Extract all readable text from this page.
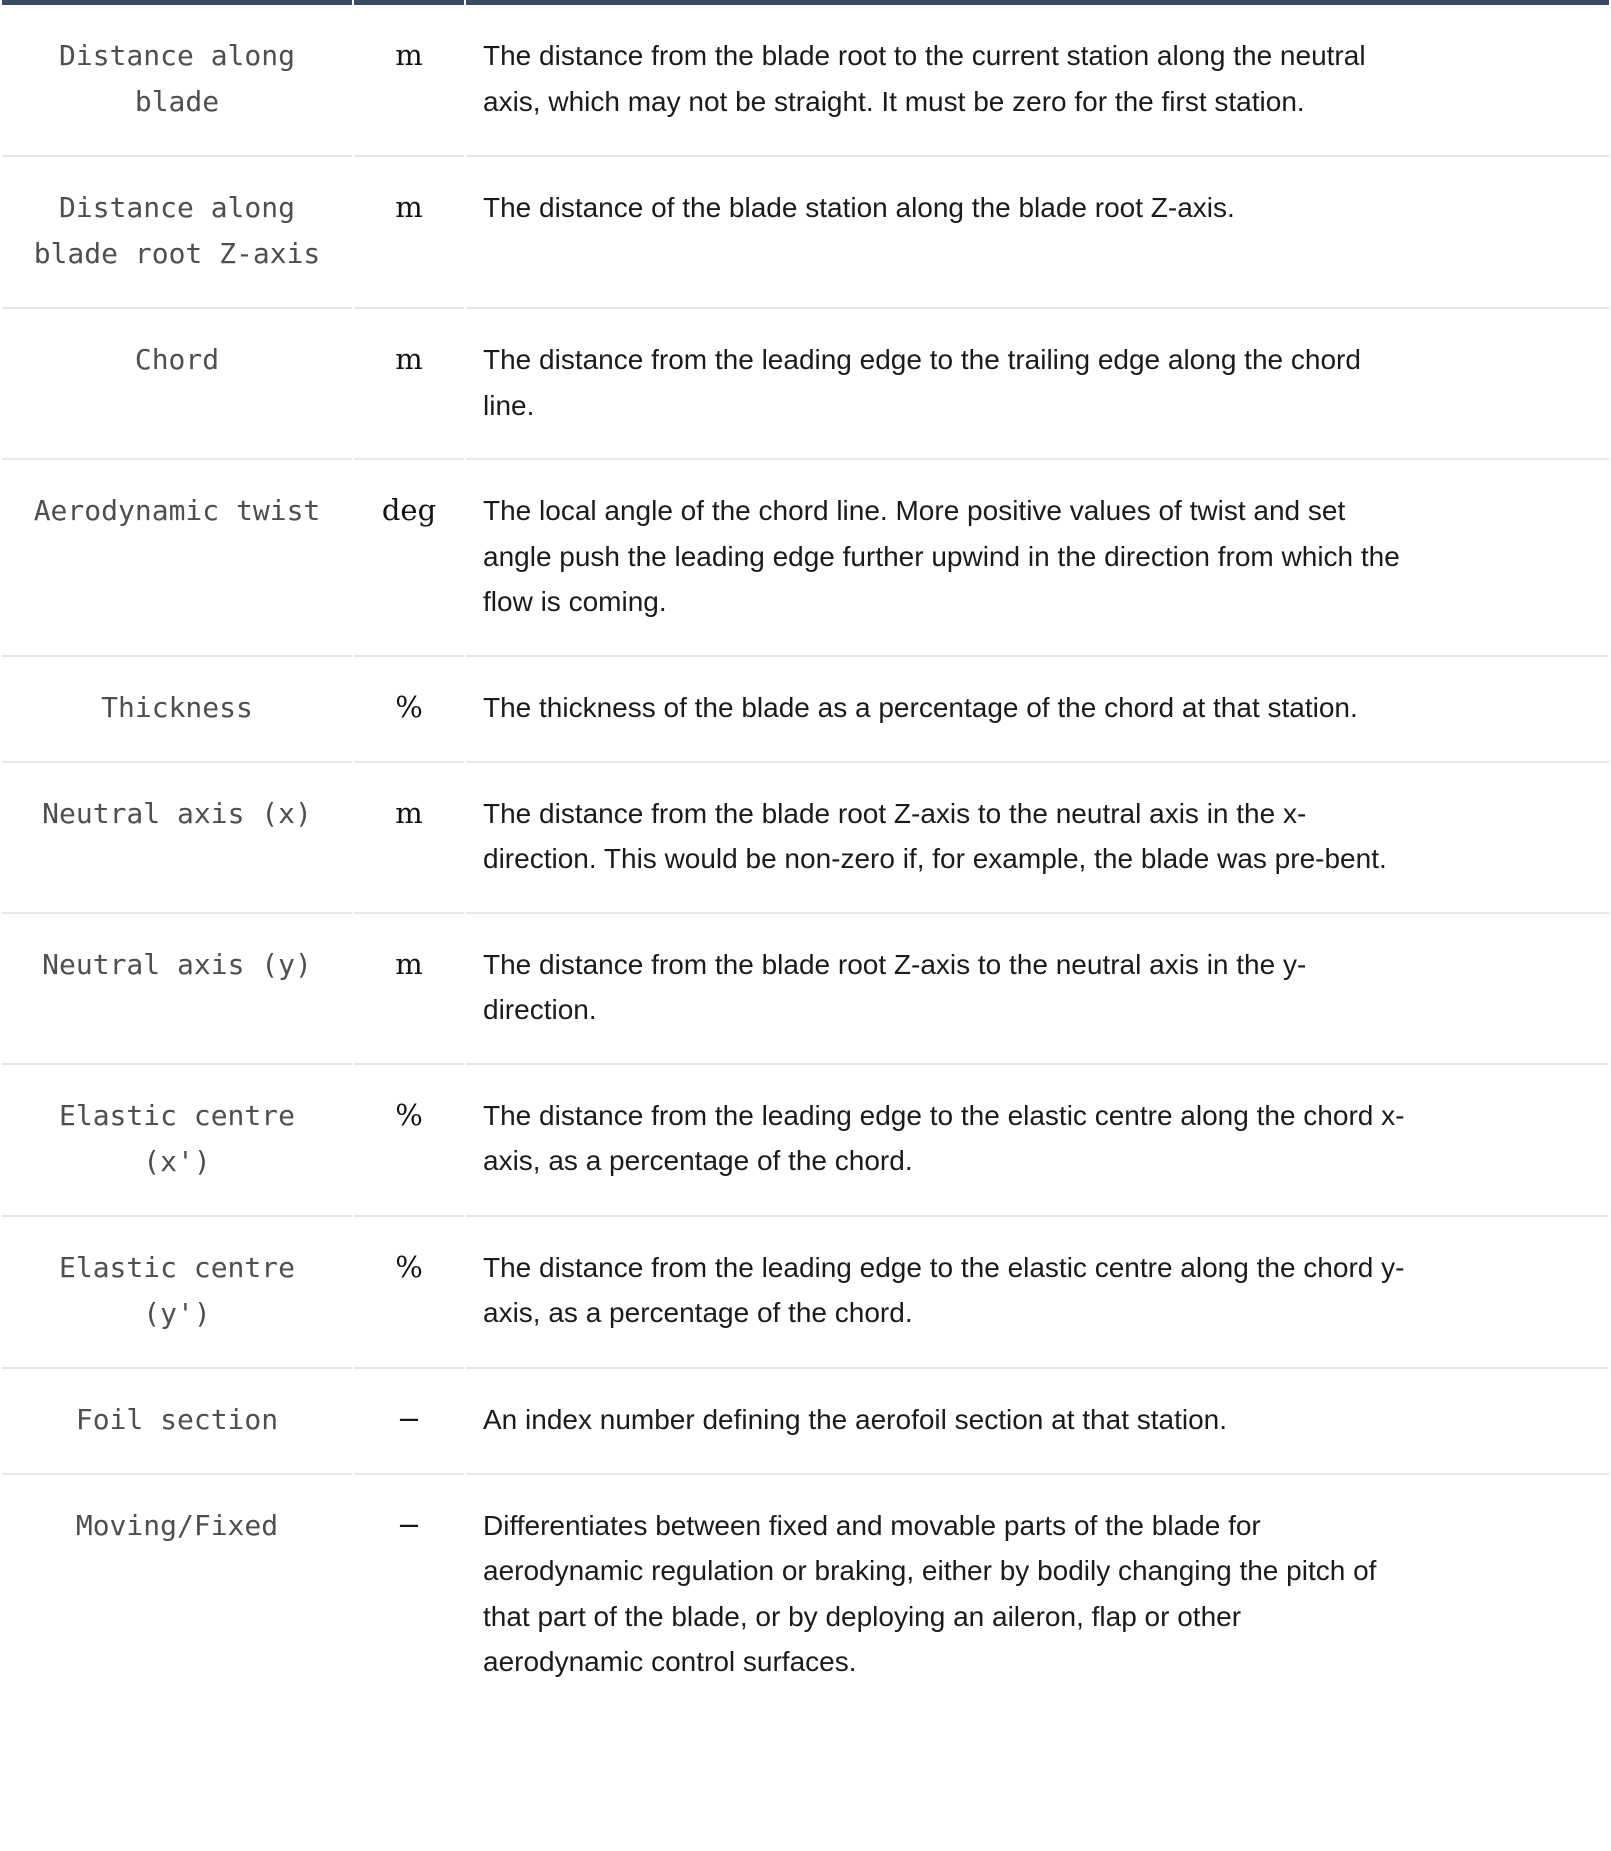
Distance along blade	m	The distance from the blade root to the current station along the neutral axis, which may not be straight. It must be zero for the first station.
Distance along blade root Z-axis	m	The distance of the blade station along the blade root Z-axis.
Chord	m	The distance from the leading edge to the trailing edge along the chord line.
Aerodynamic twist	deg	The local angle of the chord line. More positive values of twist and set angle push the leading edge further upwind in the direction from which the flow is coming.
Thickness	%	The thickness of the blade as a percentage of the chord at that station.
Neutral axis (x)	m	The distance from the blade root Z-axis to the neutral axis in the x-direction. This would be non-zero if, for example, the blade was pre-bent.
Neutral axis (y)	m	The distance from the blade root Z-axis to the neutral axis in the y-direction.
Elastic centre (x')	%	The distance from the leading edge to the elastic centre along the chord x-axis, as a percentage of the chord.
Elastic centre (y')	%	The distance from the leading edge to the elastic centre along the chord y-axis, as a percentage of the chord.
Foil section	−	An index number defining the aerofoil section at that station.
Moving/Fixed	−	Differentiates between fixed and movable parts of the blade for aerodynamic regulation or braking, either by bodily changing the pitch of that part of the blade, or by deploying an aileron, flap or other aerodynamic control surfaces.
